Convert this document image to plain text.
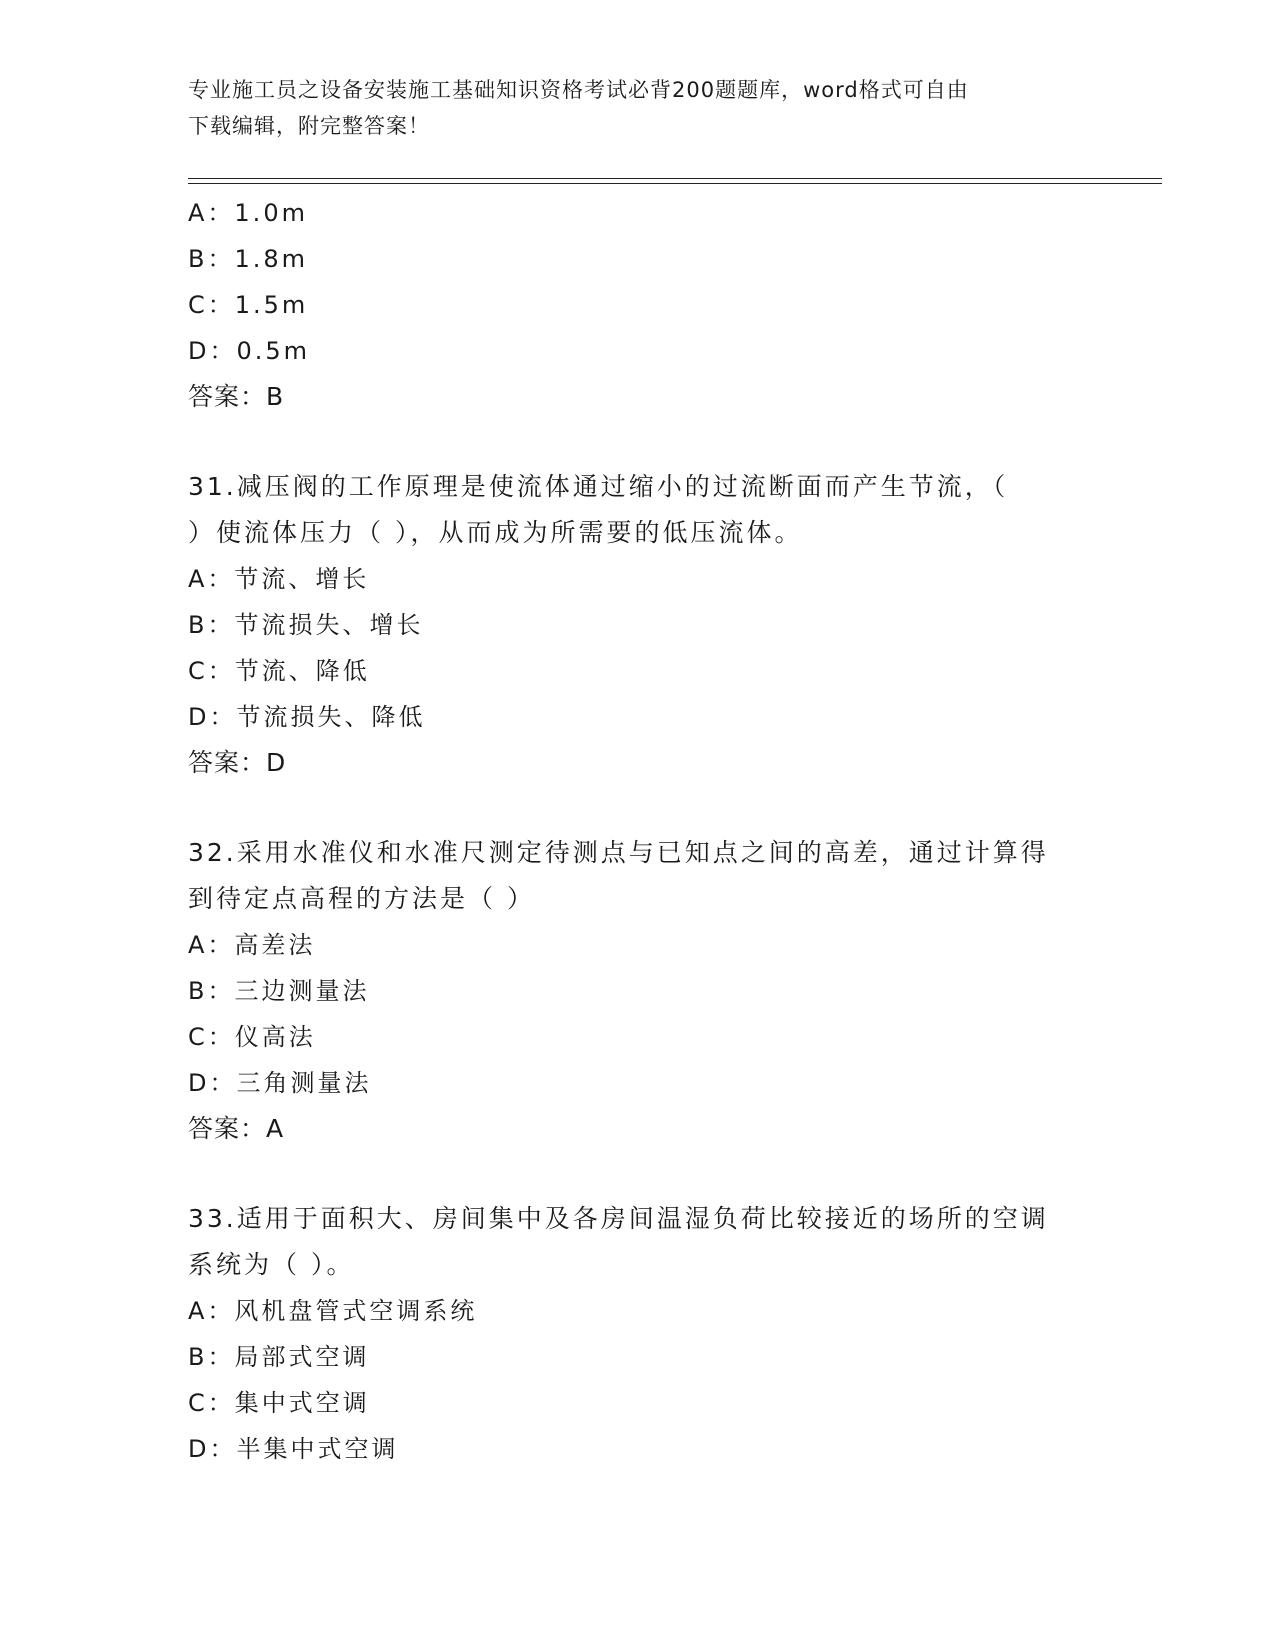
专业施工员之设备安装施工基础知识资格考试必背200题题库，word格式可自由
下载编辑，附完整答案！
A：1.0m
B：1.8m
C：1.5m
D：0.5m
答案：B
31.减压阀的工作原理是使流体通过缩小的过流断面而产生节流，（
）使流体压力（ ），从而成为所需要的低压流体。
A：节流、增长
B：节流损失、增长
C：节流、降低
D：节流损失、降低
答案：D
32.采用水准仪和水准尺测定待测点与已知点之间的高差，通过计算得
到待定点高程的方法是（ ）
A：高差法
B：三边测量法
C：仪高法
D：三角测量法
答案：A
33.适用于面积大、房间集中及各房间温湿负荷比较接近的场所的空调
系统为（ ）。
A：风机盘管式空调系统
B：局部式空调
C：集中式空调
D：半集中式空调
